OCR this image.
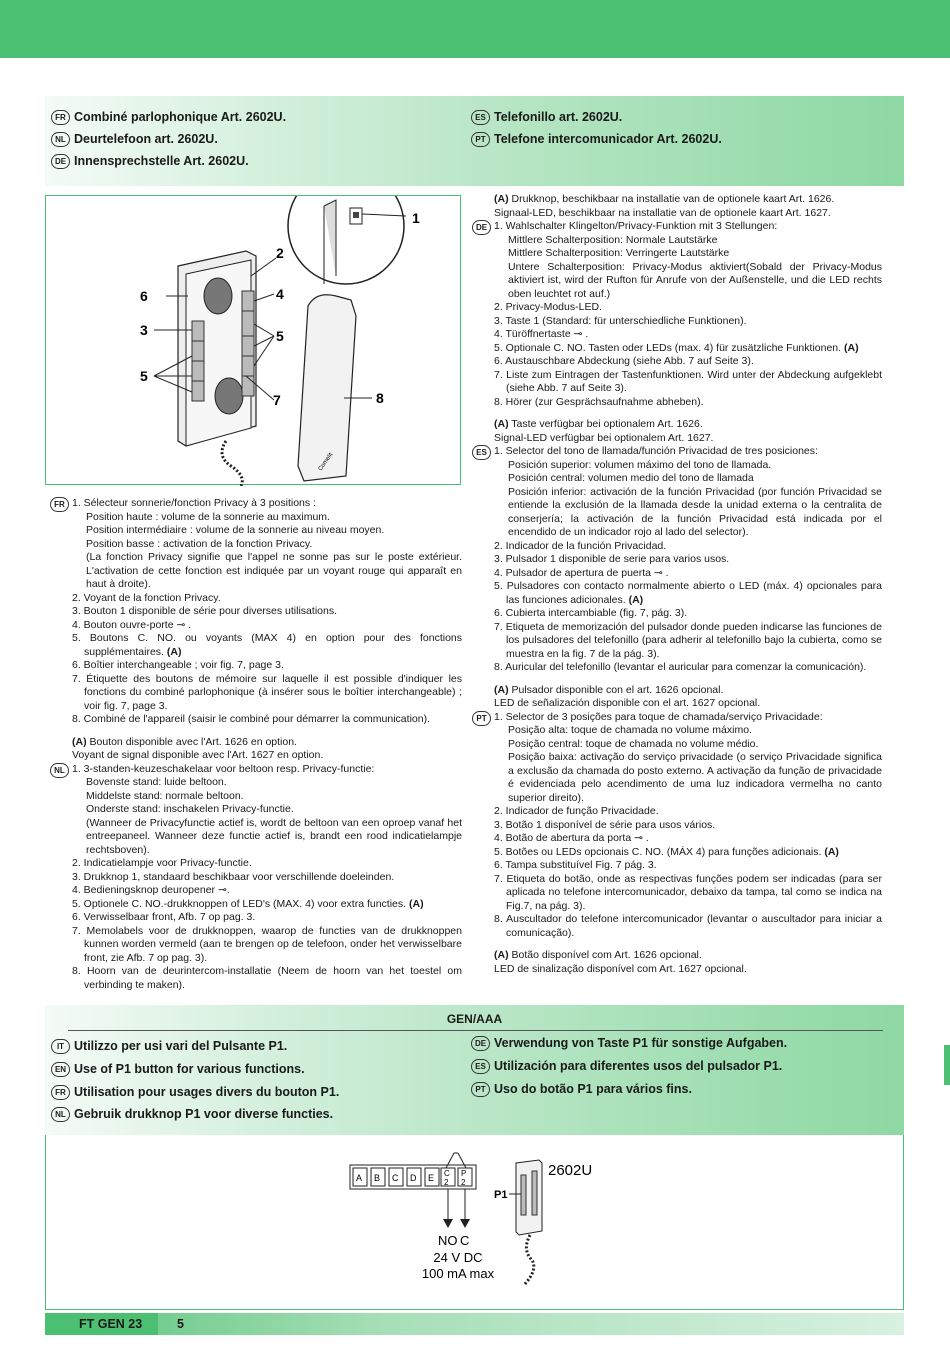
FR Combiné parlophonique Art. 2602U.
NL Deurtelefoon art. 2602U.
DE Innensprechstelle Art. 2602U.
ES Telefonillo art. 2602U.
PT Telefone intercomunicador Art. 2602U.
Comelit
1
2
3
4
5
5
6
7	8
FR 1. Sélecteur sonnerie/fonction Privacy à 3 positions :

Position haute : volume de la sonnerie au maximum.

Position intermédiaire : volume de la sonnerie au niveau moyen.

Position basse : activation de la fonction Privacy.

(La fonction Privacy signifie que l'appel ne sonne pas sur le poste extérieur. L'activation de cette fonction est indiquée par un voyant rouge qui apparaît en haut à droite).

2. Voyant de la fonction Privacy.

3. Bouton 1 disponible de série pour diverses utilisations.

4. Bouton ouvre-porte ⊸ .

5. Boutons C. NO. ou voyants (MAX 4) en option pour des fonctions supplémentaires. (A)

6. Boîtier interchangeable ; voir fig. 7, page 3.

7. Étiquette des boutons de mémoire sur laquelle il est possible d'indiquer les fonctions du combiné parlophonique (à insérer sous le boîtier interchangeable) ; voir fig. 7, page 3.

8. Combiné de l'appareil (saisir le combiné pour démarrer la communication).

(A) Bouton disponible avec l'Art. 1626 en option.

Voyant de signal disponible avec l'Art. 1627 en option.

NL 1. 3-standen-keuzeschakelaar voor beltoon resp. Privacy-functie:

Bovenste stand: luide beltoon.

Middelste stand: normale beltoon.

Onderste stand: inschakelen Privacy-functie.

(Wanneer de Privacyfunctie actief is, wordt de beltoon van een oproep vanaf het entreepaneel. Wanneer deze functie actief is, brandt een rood indicatielampje rechtsboven).

2. Indicatielampje voor Privacy-functie.

3. Drukknop 1, standaard beschikbaar voor verschillende doeleinden.

4. Bedieningsknop deuropener ⊸.

5. Optionele C. NO.-drukknoppen of LED's (MAX. 4) voor extra functies. (A)

6. Verwisselbaar front, Afb. 7 op pag. 3.

7. Memolabels voor de drukknoppen, waarop de functies van de drukknoppen kunnen worden vermeld (aan te brengen op de telefoon, onder het verwisselbare front, zie Afb. 7 op pag. 3).

8. Hoorn van de deurintercom-installatie (Neem de hoorn van het toestel om verbinding te maken).

(A) Drukknop, beschikbaar na installatie van de optionele kaart Art. 1626.

Signaal-LED, beschikbaar na installatie van de optionele kaart Art. 1627.

DE 1. Wahlschalter Klingelton/Privacy-Funktion mit 3 Stellungen:

Mittlere Schalterposition: Normale Lautstärke

Mittlere Schalterposition: Verringerte Lautstärke

Untere Schalterposition: Privacy-Modus aktiviert(Sobald der Privacy-Modus aktiviert ist, wird der Rufton für Anrufe von der Außenstelle, und die LED rechts oben leuchtet rot auf.)

2. Privacy-Modus-LED.

3. Taste 1 (Standard: für unterschiedliche Funktionen).

4. Türöffnertaste ⊸ .

5. Optionale C. NO. Tasten oder LEDs (max. 4) für zusätzliche Funktionen. (A)

6. Austauschbare Abdeckung (siehe Abb. 7 auf Seite 3).

7. Liste zum Eintragen der Tastenfunktionen. Wird unter der Abdeckung aufgeklebt (siehe Abb. 7 auf Seite 3).

8. Hörer (zur Gesprächsaufnahme abheben).

(A) Taste verfügbar bei optionalem Art. 1626.

Signal-LED verfügbar bei optionalem Art. 1627.

ES 1. Selector del tono de llamada/función Privacidad de tres posiciones:

Posición superior: volumen máximo del tono de llamada.

Posición central: volumen medio del tono de llamada

Posición inferior: activación de la función Privacidad (por función Privacidad se entiende la exclusión de la llamada desde la unidad externa o la centralita de conserjería; la activación de la función Privacidad está indicada por el encendido de un indicador rojo al lado del selector).

2. Indicador de la función Privacidad.

3. Pulsador 1 disponible de serie para varios usos.

4. Pulsador de apertura de puerta ⊸ .

5. Pulsadores con contacto normalmente abierto o LED (máx. 4) opcionales para las funciones adicionales. (A)

6. Cubierta intercambiable (fig. 7, pág. 3).

7. Etiqueta de memorización del pulsador donde pueden indicarse las funciones de los pulsadores del telefonillo (para adherir al telefonillo bajo la cubierta, como se muestra en la fig. 7 de la pág. 3).

8. Auricular del telefonillo (levantar el auricular para comenzar la comunicación).

(A) Pulsador disponible con el art. 1626 opcional.

LED de señalización disponible con el art. 1627 opcional.

PT 1. Selector de 3 posições para toque de chamada/serviço Privacidade:

Posição alta: toque de chamada no volume máximo.

Posição central: toque de chamada no volume médio.

Posição baixa: activação do serviço privacidade (o serviço Privacidade significa a exclusão da chamada do posto externo. A activação da função de privacidade é evidenciada pelo acendimento de uma luz indicadora vermelha no canto superior direito).

2. Indicador de função Privacidade.

3. Botão 1 disponível de série para usos vários.

4. Botão de abertura da porta ⊸ .

5. Botões ou LEDs opcionais C. NO. (MÁX 4) para funções adicionais. (A)

6. Tampa substituível Fig. 7 pág. 3.

7. Etiqueta do botão, onde as respectivas funções podem ser indicadas (para ser aplicada no telefone intercomunicador, debaixo da tampa, tal como se indica na Fig.7, na pág. 3).

8. Auscultador do telefone intercomunicador (levantar o auscultador para iniciar a comunicação).

(A) Botão disponível com Art. 1626 opcional.

LED de sinalização disponível com Art. 1627 opcional.

IT Utilizzo per usi vari del Pulsante P1.
EN Use of P1 button for various functions.
FR Utilisation pour usages divers du bouton P1.
NL Gebruik drukknop P1 voor diverse functies.
DE Verwendung von Taste P1 für sonstige Aufgaben.
ES Utilización para diferentes usos del pulsador P1.
PT Uso do botão P1 para vários fins.
GEN/AAA
A B C D E C
2
P
2
NO C
24 V DC
100 mA max
2602U
P1
FT GEN 23	5
